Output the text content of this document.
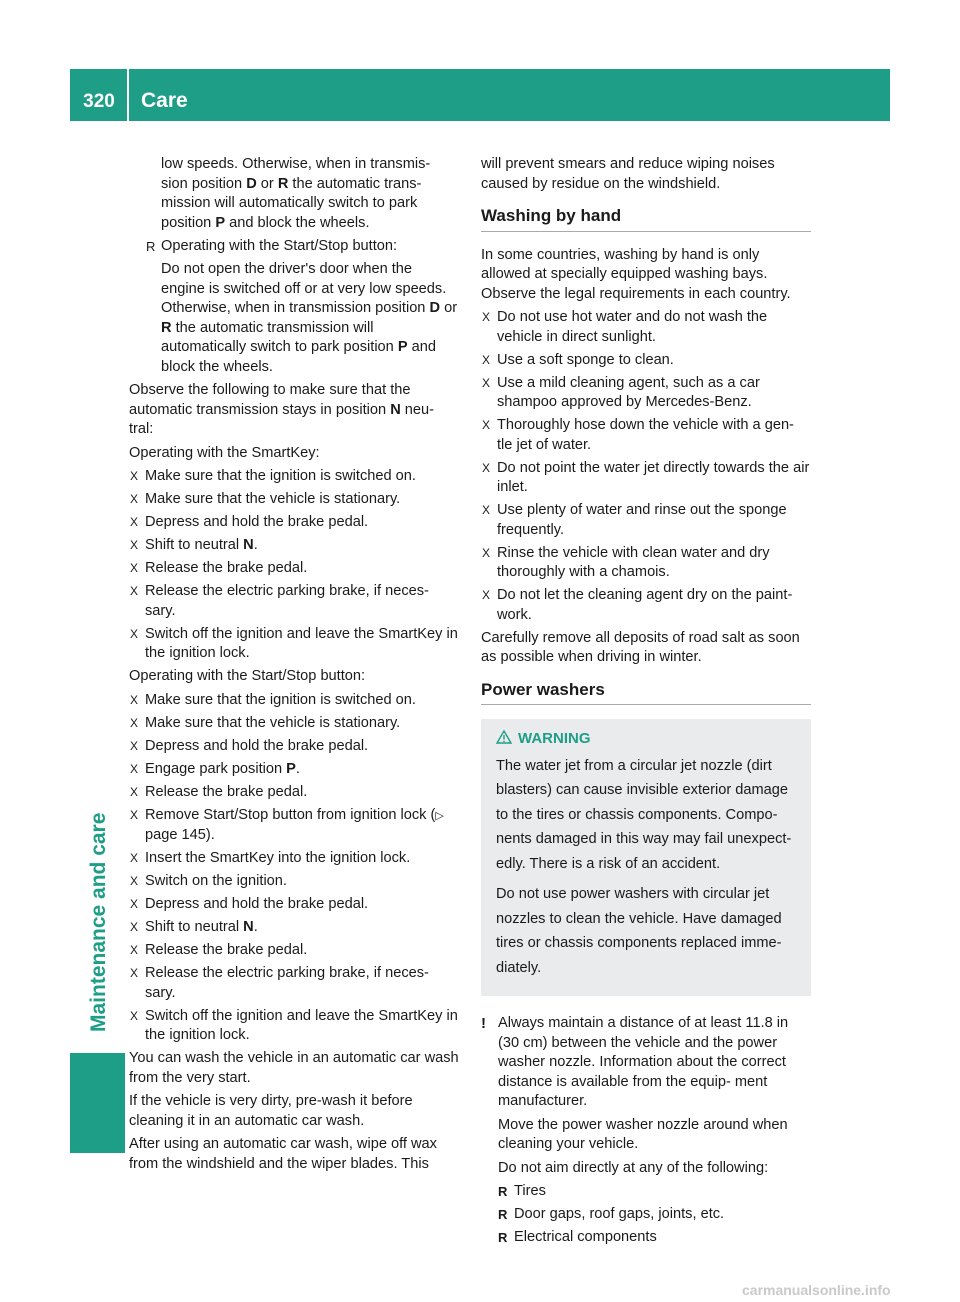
320	Care
Maintenance and care

low speeds. Otherwise, when in transmis- sion position D or R the automatic trans- mission will automatically switch to park position P and block the wheels.

R Operating with the Start/Stop button:

Do not open the driver's door when the engine is switched off or at very low speeds. Otherwise, when in transmission position D or R the automatic transmission will automatically switch to park position P and block the wheels.

Observe the following to make sure that the automatic transmission stays in position N neu- tral:

Operating with the SmartKey:

X Make sure that the ignition is switched on.
X Make sure that the vehicle is stationary.
X Depress and hold the brake pedal.
X Shift to neutral N.
X Release the brake pedal.
X Release the electric parking brake, if neces- sary.
X Switch off the ignition and leave the SmartKey in the ignition lock.

Operating with the Start/Stop button:

X Make sure that the ignition is switched on.
X Make sure that the vehicle is stationary.
X Depress and hold the brake pedal.
X Engage park position P.
X Release the brake pedal.
X Remove Start/Stop button from ignition lock (▷ page 145).
X Insert the SmartKey into the ignition lock.
X Switch on the ignition.
X Depress and hold the brake pedal.
X Shift to neutral N.
X Release the brake pedal.
X Release the electric parking brake, if neces- sary.
X Switch off the ignition and leave the SmartKey in the ignition lock.

You can wash the vehicle in an automatic car wash from the very start.

If the vehicle is very dirty, pre-wash it before cleaning it in an automatic car wash.

After using an automatic car wash, wipe off wax from the windshield and the wiper blades. This

will prevent smears and reduce wiping noises caused by residue on the windshield.

Washing by hand

In some countries, washing by hand is only allowed at specially equipped washing bays. Observe the legal requirements in each country.

X Do not use hot water and do not wash the vehicle in direct sunlight.
X Use a soft sponge to clean.
X Use a mild cleaning agent, such as a car shampoo approved by Mercedes-Benz.
X Thoroughly hose down the vehicle with a gen- tle jet of water.
X Do not point the water jet directly towards the air inlet.
X Use plenty of water and rinse out the sponge frequently.
X Rinse the vehicle with clean water and dry thoroughly with a chamois.
X Do not let the cleaning agent dry on the paint- work.

Carefully remove all deposits of road salt as soon as possible when driving in winter.

Power washers

WARNING

The water jet from a circular jet nozzle (dirt blasters) can cause invisible exterior damage to the tires or chassis components. Compo- nents damaged in this way may fail unexpect- edly. There is a risk of an accident.

Do not use power washers with circular jet nozzles to clean the vehicle. Have damaged tires or chassis components replaced imme- diately.

! Always maintain a distance of at least 11.8 in (30 cm) between the vehicle and the power washer nozzle. Information about the correct distance is available from the equip- ment manufacturer.

Move the power washer nozzle around when cleaning your vehicle.

Do not aim directly at any of the following:

R Tires
R Door gaps, roof gaps, joints, etc.
R Electrical components
carmanualsonline.info
